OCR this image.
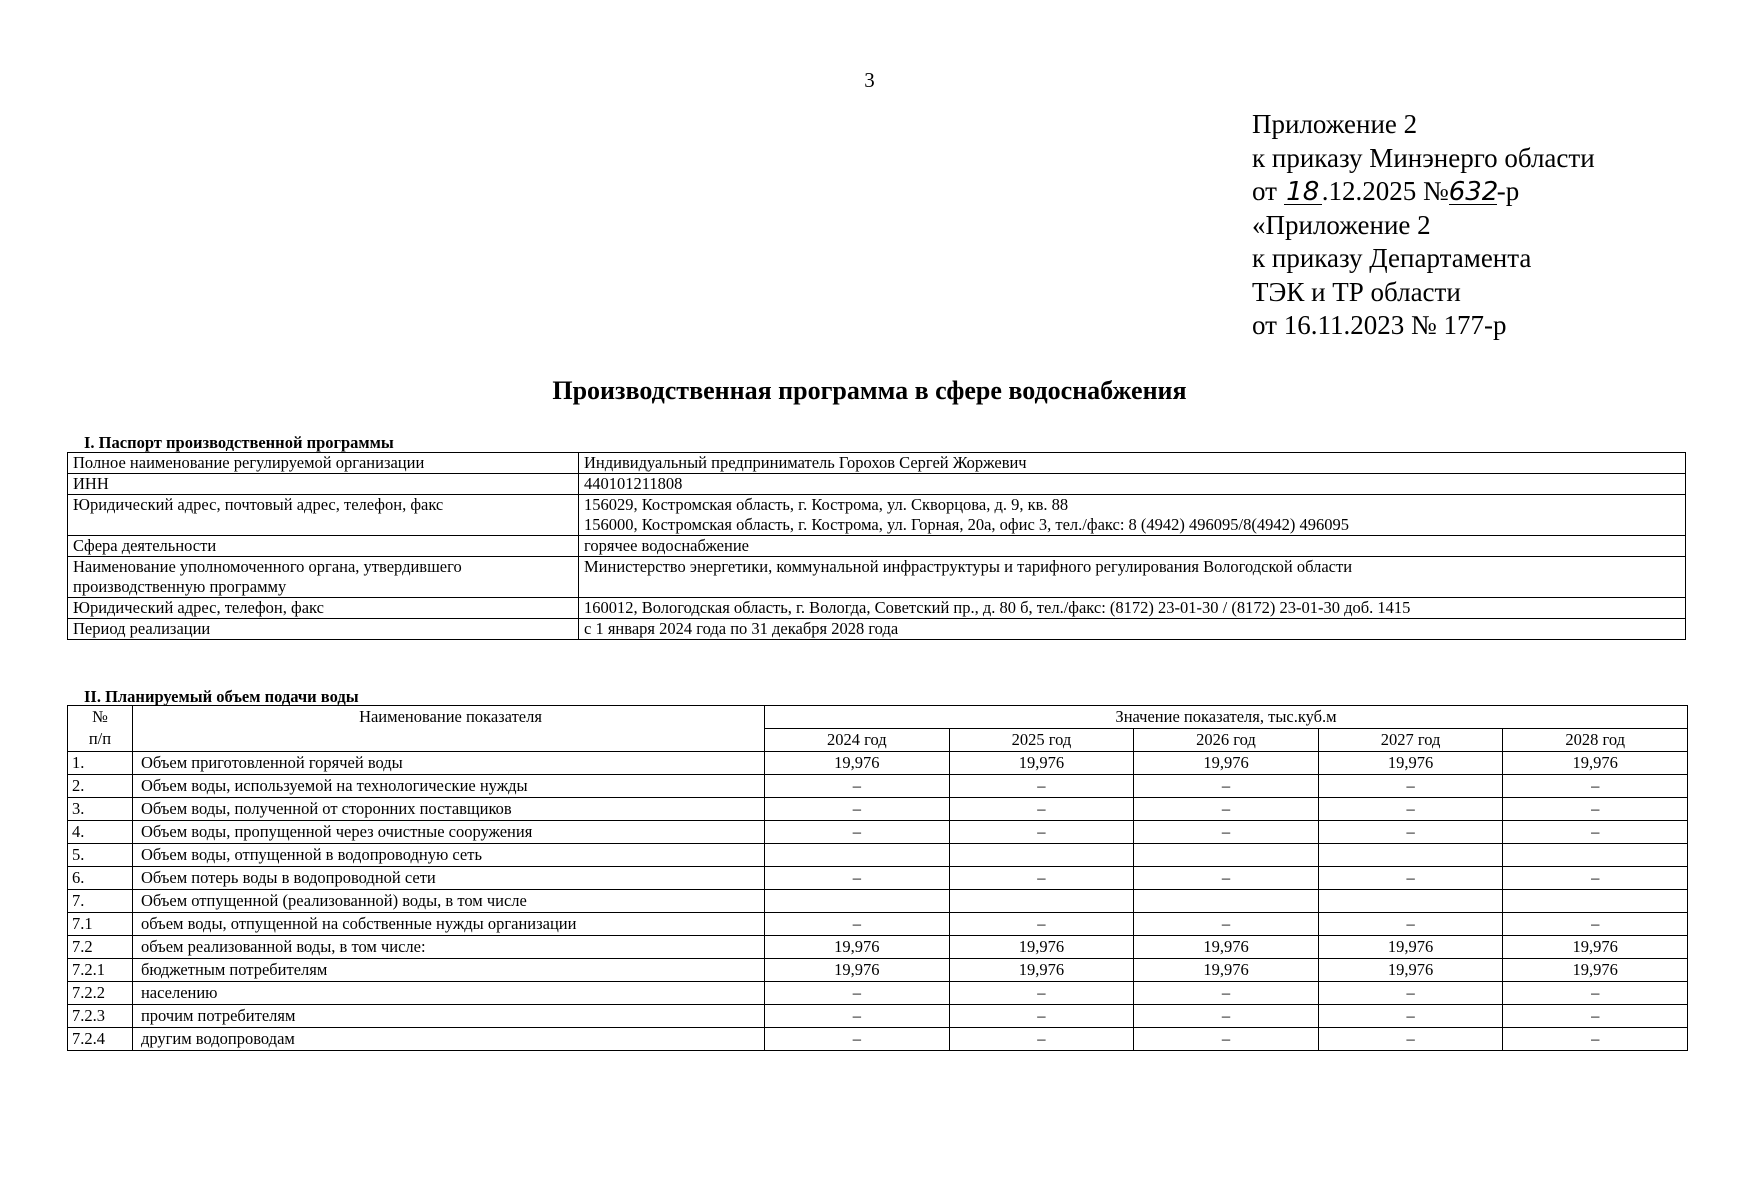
3
Приложение 2
к приказу Минэнерго области
от 18.12.2025 №632-р
«Приложение 2
к приказу Департамента
ТЭК и ТР области
от 16.11.2023 № 177-р
Производственная программа в сфере водоснабжения
I. Паспорт производственной программы
Полное наименование регулируемой организации	Индивидуальный предприниматель Горохов Сергей Жоржевич
ИНН	440101211808
Юридический адрес, почтовый адрес, телефон, факс	156029, Костромская область, г. Кострома, ул. Скворцова, д. 9, кв. 88
156000, Костромская область, г. Кострома, ул. Горная, 20а, офис 3, тел./факс: 8 (4942) 496095/8(4942) 496095

Сфера деятельности	горячее водоснабжение

Наименование уполномоченного органа, утвердившего
производственную программу	Министерство энергетики, коммунальной инфраструктуры и тарифного регулирования Вологодской области
Юридический адрес, телефон, факс	160012, Вологодская область, г. Вологда, Советский пр., д. 80 б, тел./факс: (8172) 23-01-30 / (8172) 23-01-30 доб. 1415
Период реализации	с 1 января 2024 года по 31 декабря 2028 года
II. Планируемый объем подачи воды
№
п/п	Наименование показателя	Значение показателя, тыс.куб.м				
		2024 год	2025 год	2026 год	2027 год	2028 год
1.	Объем приготовленной горячей воды	19,976	19,976	19,976	19,976	19,976
2.	Объем воды, используемой на технологические нужды	–	–	–	–	–
3.	Объем воды, полученной от сторонних поставщиков	–	–	–	–	–
4.	Объем воды, пропущенной через очистные сооружения	–	–	–	–	–
5.	Объем воды, отпущенной в водопроводную сеть					
6.	Объем потерь воды в водопроводной сети	–	–	–	–	–
7.	Объем отпущенной (реализованной) воды, в том числе					
7.1	объем воды, отпущенной на собственные нужды организации	–	–	–	–	–
7.2	объем реализованной воды, в том числе:	19,976	19,976	19,976	19,976	19,976
7.2.1	бюджетным потребителям	19,976	19,976	19,976	19,976	19,976
7.2.2	населению	–	–	–	–	–
7.2.3	прочим потребителям	–	–	–	–	–
7.2.4	другим водопроводам	–	–	–	–	–
